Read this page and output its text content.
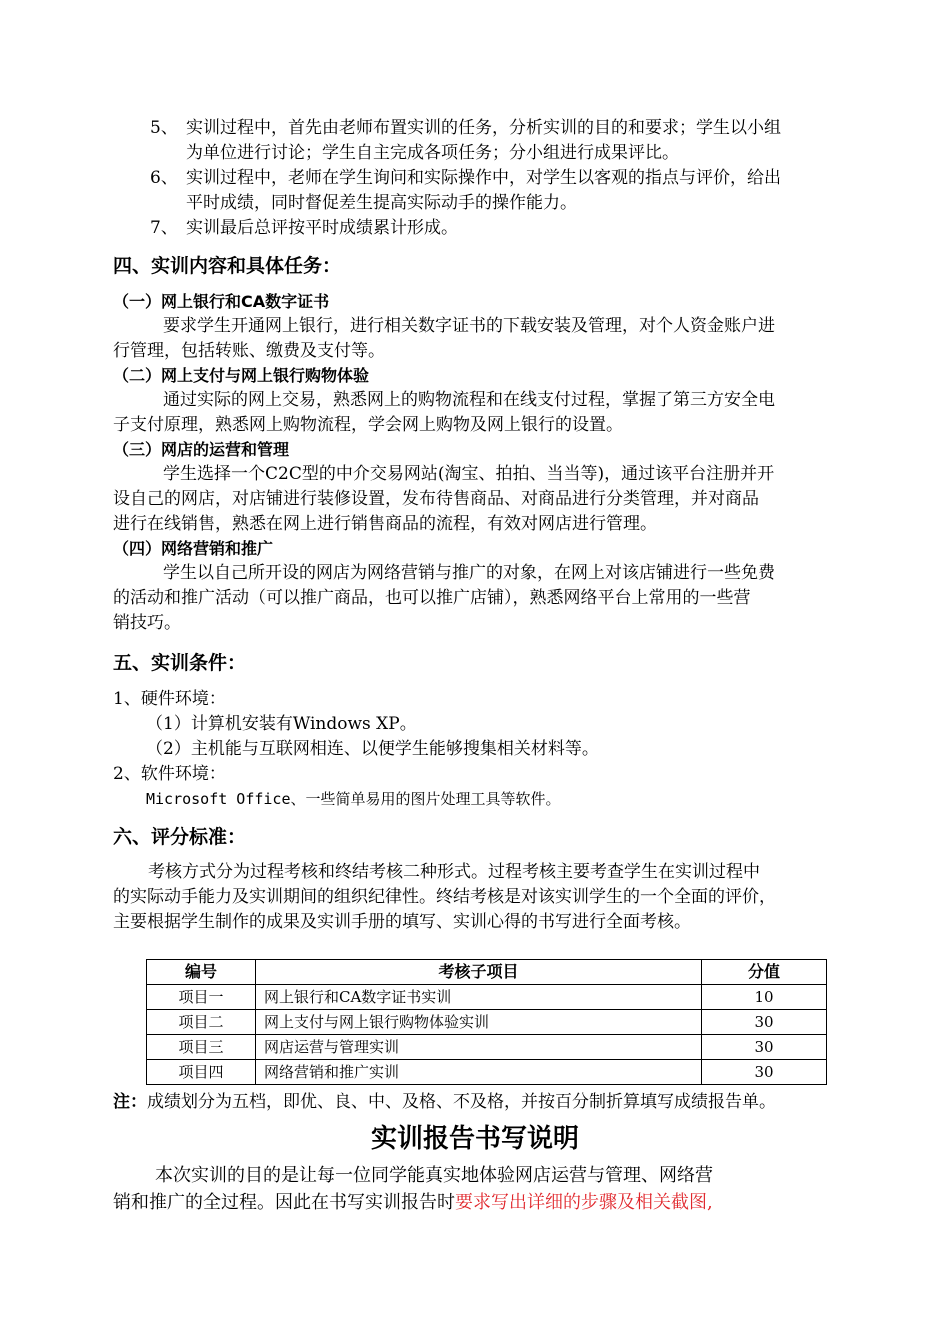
5、 实训过程中，首先由老师布置实训的任务，分析实训的目的和要求；学生以小组
为单位进行讨论；学生自主完成各项任务；分小组进行成果评比。
6、 实训过程中，老师在学生询问和实际操作中，对学生以客观的指点与评价，给出
平时成绩，同时督促差生提高实际动手的操作能力。
7、 实训最后总评按平时成绩累计形成。
四、实训内容和具体任务：
（一）网上银行和CA数字证书
要求学生开通网上银行，进行相关数字证书的下载安装及管理，对个人资金账户进
行管理，包括转账、缴费及支付等。
（二）网上支付与网上银行购物体验
通过实际的网上交易，熟悉网上的购物流程和在线支付过程，掌握了第三方安全电
子支付原理，熟悉网上购物流程，学会网上购物及网上银行的设置。
（三）网店的运营和管理
学生选择一个C2C型的中介交易网站(淘宝、拍拍、当当等)，通过该平台注册并开
设自己的网店，对店铺进行装修设置，发布待售商品、对商品进行分类管理，并对商品
进行在线销售，熟悉在网上进行销售商品的流程，有效对网店进行管理。
（四）网络营销和推广
学生以自己所开设的网店为网络营销与推广的对象，在网上对该店铺进行一些免费
的活动和推广活动（可以推广商品，也可以推广店铺），熟悉网络平台上常用的一些营
销技巧。
五、实训条件：
1、硬件环境：
（1）计算机安装有Windows XP。
（2）主机能与互联网相连、以便学生能够搜集相关材料等。
2、软件环境：
Microsoft Office、一些简单易用的图片处理工具等软件。
六、评分标准：
考核方式分为过程考核和终结考核二种形式。过程考核主要考查学生在实训过程中
的实际动手能力及实训期间的组织纪律性。终结考核是对该实训学生的一个全面的评价，
主要根据学生制作的成果及实训手册的填写、实训心得的书写进行全面考核。
编号	考核子项目	分值
项目一	网上银行和CA数字证书实训	10
项目二	网上支付与网上银行购物体验实训	30
项目三	网店运营与管理实训	30
项目四	网络营销和推广实训	30
注：成绩划分为五档，即优、良、中、及格、不及格，并按百分制折算填写成绩报告单。
实训报告书写说明
本次实训的目的是让每一位同学能真实地体验网店运营与管理、网络营
销和推广的全过程。因此在书写实训报告时要求写出详细的步骤及相关截图,
